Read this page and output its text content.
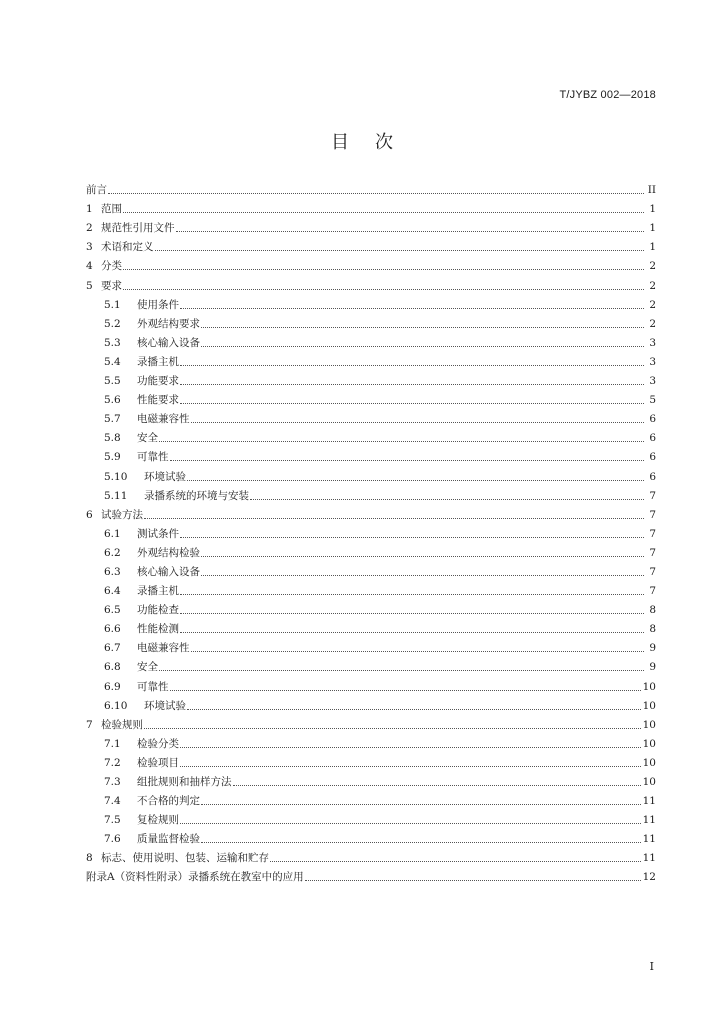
T/JYBZ 002—2018
目次
前言	II
1 范围	1
2 规范性引用文件	1
3 术语和定义	1
4 分类	2
5 要求	2
5.1	使用条件	2
5.2	外观结构要求	2
5.3	核心输入设备	3
5.4	录播主机	3
5.5	功能要求	3
5.6	性能要求	5
5.7	电磁兼容性	6
5.8	安全	6
5.9	可靠性	6
5.10	环境试验	6
5.11	录播系统的环境与安装	7
6 试验方法	7
6.1	测试条件	7
6.2	外观结构检验	7
6.3	核心输入设备	7
6.4	录播主机	7
6.5	功能检查	8
6.6	性能检测	8
6.7	电磁兼容性	9
6.8	安全	9
6.9	可靠性	10
6.10	环境试验	10
7 检验规则	10
7.1	检验分类	10
7.2	检验项目	10
7.3	组批规则和抽样方法	10
7.4	不合格的判定	11
7.5	复检规则	11
7.6	质量监督检验	11
8 标志、使用说明、包装、运输和贮存	11
附录A（资料性附录）录播系统在教室中的应用	12
I
